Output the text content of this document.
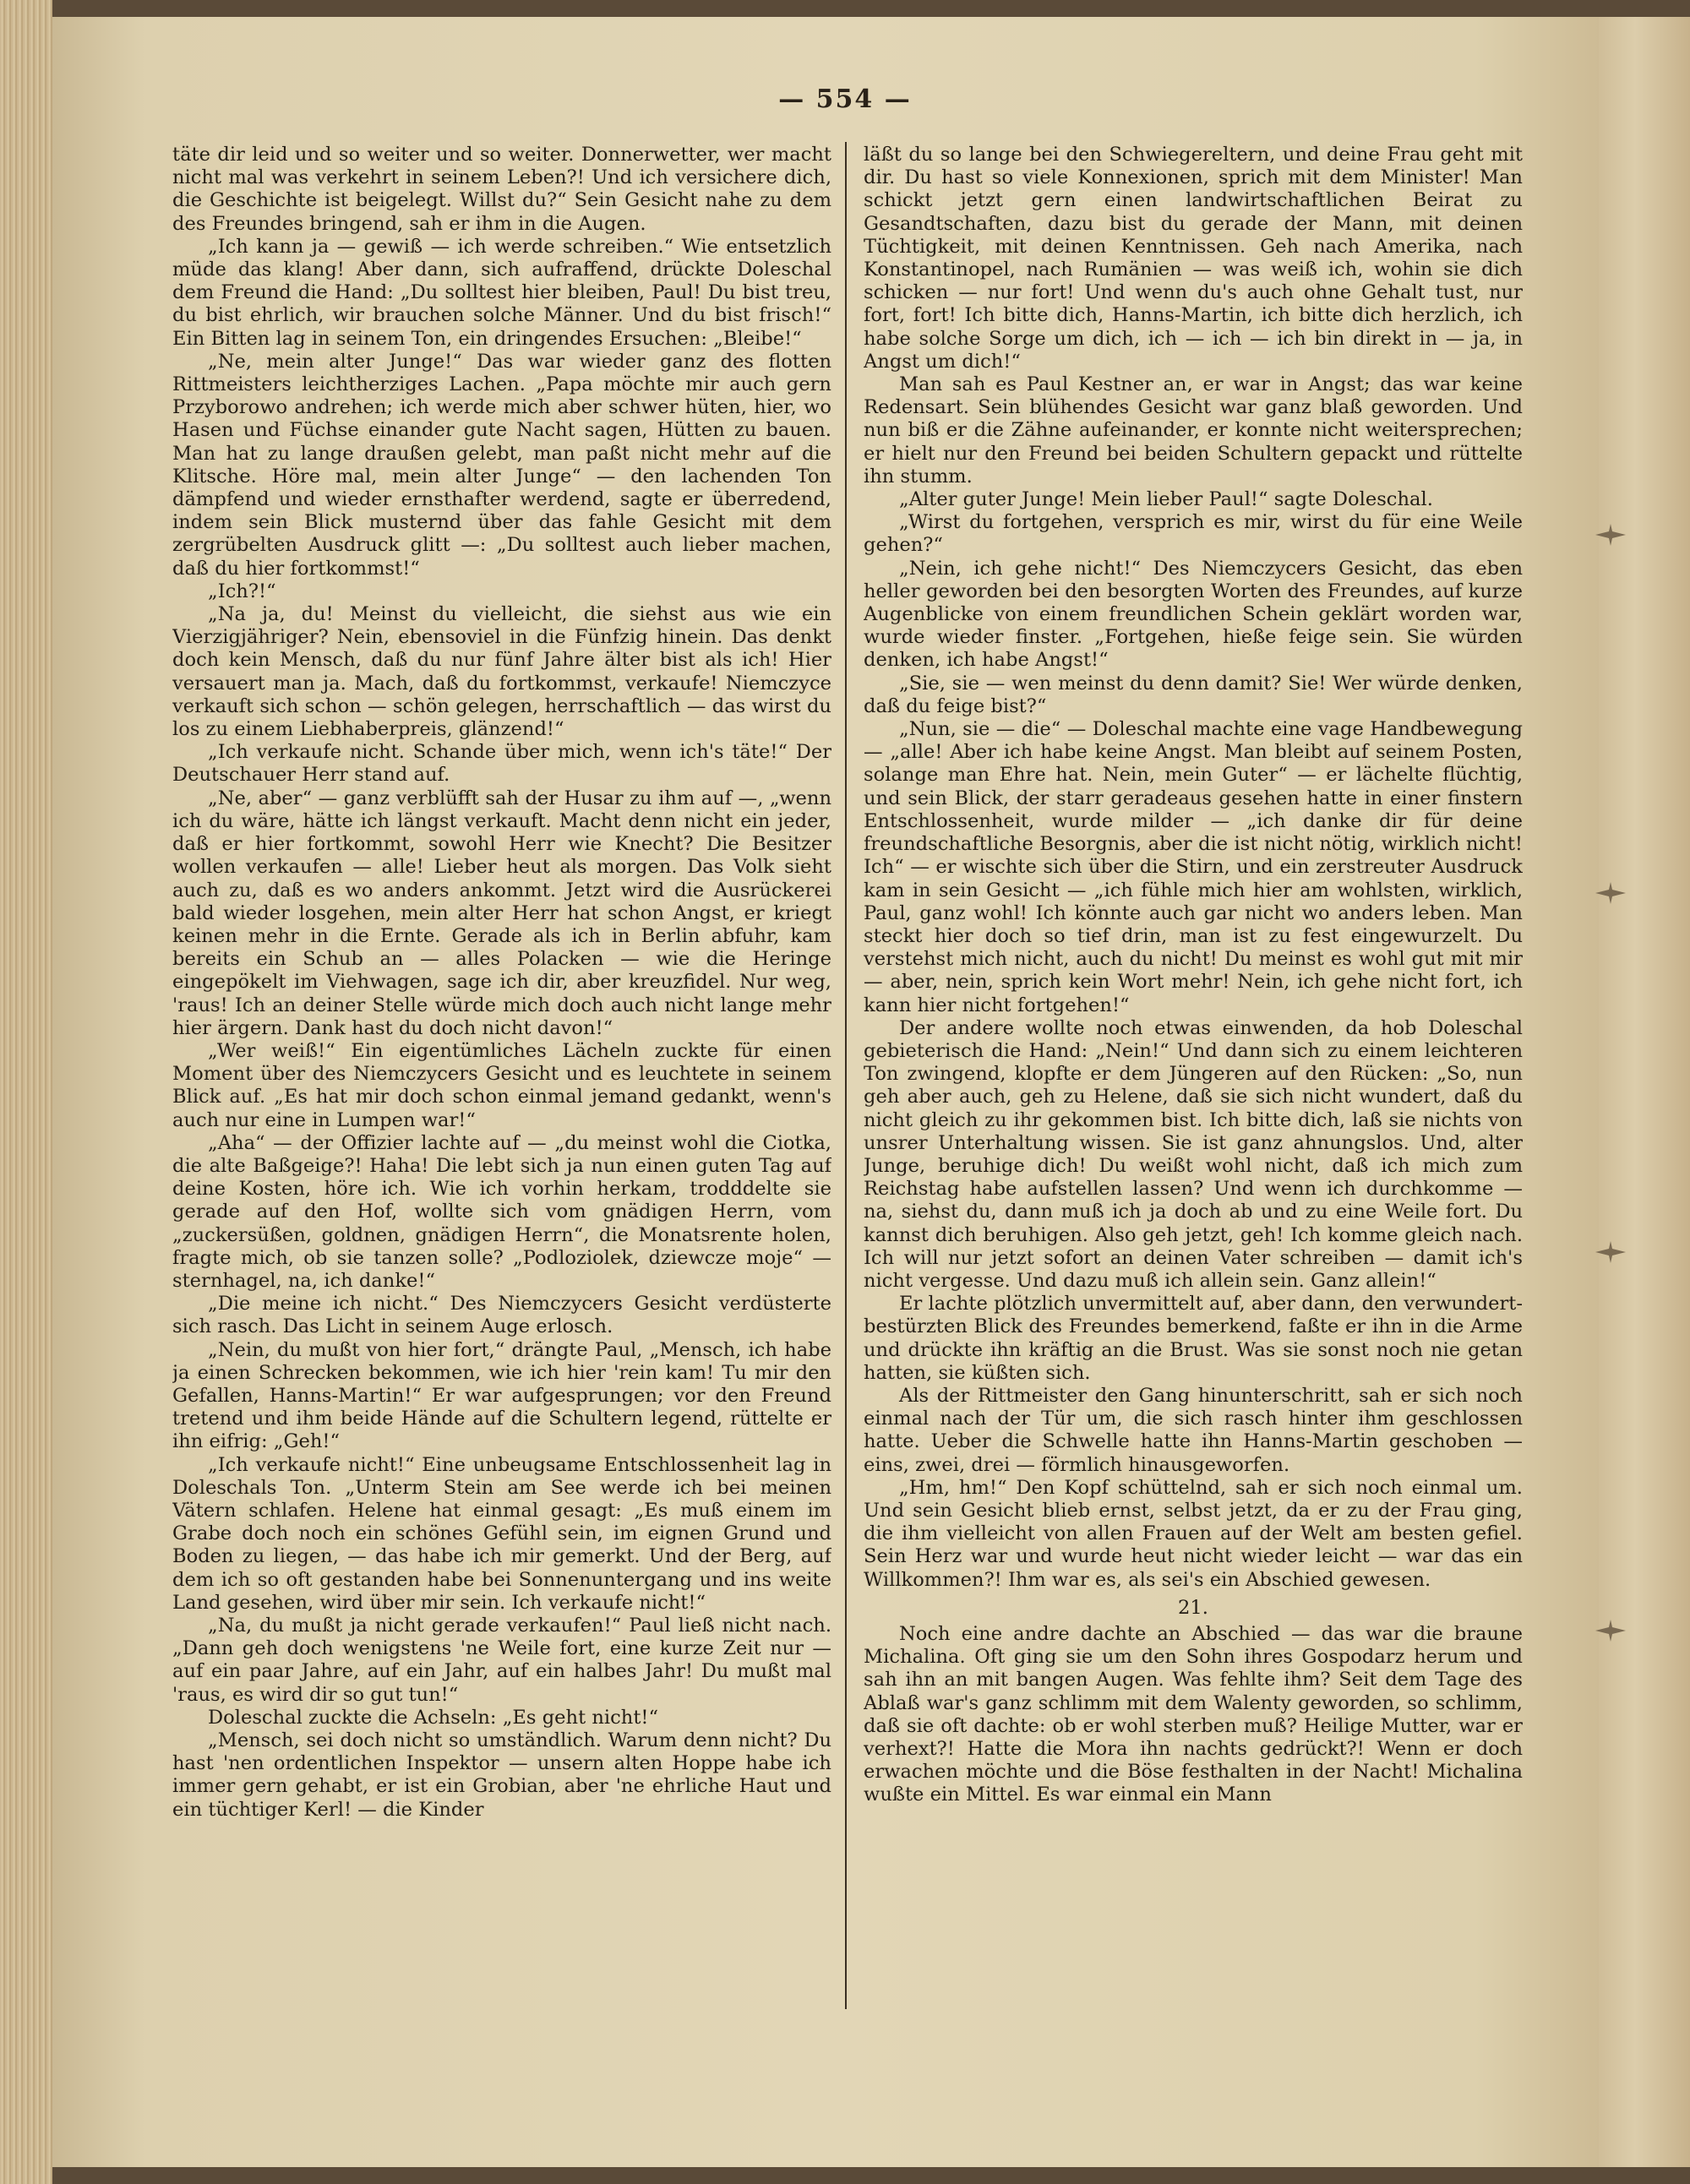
— 554 —

täte dir leid und so weiter und so weiter. Donnerwetter, wer macht nicht mal was verkehrt in seinem Leben?! Und ich versichere dich, die Geschichte ist beigelegt. Willst du?“ Sein Gesicht nahe zu dem des Freundes bringend, sah er ihm in die Augen.

„Ich kann ja — gewiß — ich werde schreiben.“ Wie entsetzlich müde das klang! Aber dann, sich aufraffend, drückte Doleschal dem Freund die Hand: „Du solltest hier bleiben, Paul! Du bist treu, du bist ehrlich, wir brauchen solche Männer. Und du bist frisch!“ Ein Bitten lag in seinem Ton, ein dringendes Ersuchen: „Bleibe!“

„Ne, mein alter Junge!“ Das war wieder ganz des flotten Rittmeisters leichtherziges Lachen. „Papa möchte mir auch gern Przyborowo andrehen; ich werde mich aber schwer hüten, hier, wo Hasen und Füchse einander gute Nacht sagen, Hütten zu bauen. Man hat zu lange draußen gelebt, man paßt nicht mehr auf die Klitsche. Höre mal, mein alter Junge“ — den lachenden Ton dämpfend und wieder ernsthafter werdend, sagte er überredend, indem sein Blick musternd über das fahle Gesicht mit dem zergrübelten Ausdruck glitt —: „Du solltest auch lieber machen, daß du hier fortkommst!“

„Ich?!“

„Na ja, du! Meinst du vielleicht, die siehst aus wie ein Vierzigjähriger? Nein, ebensoviel in die Fünfzig hinein. Das denkt doch kein Mensch, daß du nur fünf Jahre älter bist als ich! Hier versauert man ja. Mach, daß du fortkommst, verkaufe! Niemczyce verkauft sich schon — schön gelegen, herrschaftlich — das wirst du los zu einem Liebhaberpreis, glänzend!“

„Ich verkaufe nicht. Schande über mich, wenn ich's täte!“ Der Deutschauer Herr stand auf.

„Ne, aber“ — ganz verblüfft sah der Husar zu ihm auf —, „wenn ich du wäre, hätte ich längst verkauft. Macht denn nicht ein jeder, daß er hier fortkommt, sowohl Herr wie Knecht? Die Besitzer wollen verkaufen — alle! Lieber heut als morgen. Das Volk sieht auch zu, daß es wo anders ankommt. Jetzt wird die Ausrückerei bald wieder losgehen, mein alter Herr hat schon Angst, er kriegt keinen mehr in die Ernte. Gerade als ich in Berlin abfuhr, kam bereits ein Schub an — alles Polacken — wie die Heringe eingepökelt im Viehwagen, sage ich dir, aber kreuzfidel. Nur weg, 'raus! Ich an deiner Stelle würde mich doch auch nicht lange mehr hier ärgern. Dank hast du doch nicht davon!“

„Wer weiß!“ Ein eigentümliches Lächeln zuckte für einen Moment über des Niemczycers Gesicht und es leuchtete in seinem Blick auf. „Es hat mir doch schon einmal jemand gedankt, wenn's auch nur eine in Lumpen war!“

„Aha“ — der Offizier lachte auf — „du meinst wohl die Ciotka, die alte Baßgeige?! Haha! Die lebt sich ja nun einen guten Tag auf deine Kosten, höre ich. Wie ich vorhin herkam, trodddelte sie gerade auf den Hof, wollte sich vom gnädigen Herrn, vom „zuckersüßen, goldnen, gnädigen Herrn“, die Monatsrente holen, fragte mich, ob sie tanzen solle? „Podloziolek, dziewcze moje“ — sternhagel, na, ich danke!“

„Die meine ich nicht.“ Des Niemczycers Gesicht verdüsterte sich rasch. Das Licht in seinem Auge erlosch.

„Nein, du mußt von hier fort,“ drängte Paul, „Mensch, ich habe ja einen Schrecken bekommen, wie ich hier 'rein kam! Tu mir den Gefallen, Hanns-Martin!“ Er war aufgesprungen; vor den Freund tretend und ihm beide Hände auf die Schultern legend, rüttelte er ihn eifrig: „Geh!“

„Ich verkaufe nicht!“ Eine unbeugsame Entschlossenheit lag in Doleschals Ton. „Unterm Stein am See werde ich bei meinen Vätern schlafen. Helene hat einmal gesagt: „Es muß einem im Grabe doch noch ein schönes Gefühl sein, im eignen Grund und Boden zu liegen, — das habe ich mir gemerkt. Und der Berg, auf dem ich so oft gestanden habe bei Sonnenuntergang und ins weite Land gesehen, wird über mir sein. Ich verkaufe nicht!“

„Na, du mußt ja nicht gerade verkaufen!“ Paul ließ nicht nach. „Dann geh doch wenigstens 'ne Weile fort, eine kurze Zeit nur — auf ein paar Jahre, auf ein Jahr, auf ein halbes Jahr! Du mußt mal 'raus, es wird dir so gut tun!“

Doleschal zuckte die Achseln: „Es geht nicht!“

„Mensch, sei doch nicht so umständlich. Warum denn nicht? Du hast 'nen ordentlichen Inspektor — unsern alten Hoppe habe ich immer gern gehabt, er ist ein Grobian, aber 'ne ehrliche Haut und ein tüchtiger Kerl! — die Kinder

läßt du so lange bei den Schwiegereltern, und deine Frau geht mit dir. Du hast so viele Konnexionen, sprich mit dem Minister! Man schickt jetzt gern einen landwirtschaftlichen Beirat zu Gesandtschaften, dazu bist du gerade der Mann, mit deinen Tüchtigkeit, mit deinen Kenntnissen. Geh nach Amerika, nach Konstantinopel, nach Rumänien — was weiß ich, wohin sie dich schicken — nur fort! Und wenn du's auch ohne Gehalt tust, nur fort, fort! Ich bitte dich, Hanns-Martin, ich bitte dich herzlich, ich habe solche Sorge um dich, ich — ich — ich bin direkt in — ja, in Angst um dich!“

Man sah es Paul Kestner an, er war in Angst; das war keine Redensart. Sein blühendes Gesicht war ganz blaß geworden. Und nun biß er die Zähne aufeinander, er konnte nicht weitersprechen; er hielt nur den Freund bei beiden Schultern gepackt und rüttelte ihn stumm.

„Alter guter Junge! Mein lieber Paul!“ sagte Doleschal.

„Wirst du fortgehen, versprich es mir, wirst du für eine Weile gehen?“

„Nein, ich gehe nicht!“ Des Niemczycers Gesicht, das eben heller geworden bei den besorgten Worten des Freundes, auf kurze Augenblicke von einem freundlichen Schein geklärt worden war, wurde wieder finster. „Fortgehen, hieße feige sein. Sie würden denken, ich habe Angst!“

„Sie, sie — wen meinst du denn damit? Sie! Wer würde denken, daß du feige bist?“

„Nun, sie — die“ — Doleschal machte eine vage Handbewegung — „alle! Aber ich habe keine Angst. Man bleibt auf seinem Posten, solange man Ehre hat. Nein, mein Guter“ — er lächelte flüchtig, und sein Blick, der starr geradeaus gesehen hatte in einer finstern Entschlossenheit, wurde milder — „ich danke dir für deine freundschaftliche Besorgnis, aber die ist nicht nötig, wirklich nicht! Ich“ — er wischte sich über die Stirn, und ein zerstreuter Ausdruck kam in sein Gesicht — „ich fühle mich hier am wohlsten, wirklich, Paul, ganz wohl! Ich könnte auch gar nicht wo anders leben. Man steckt hier doch so tief drin, man ist zu fest eingewurzelt. Du verstehst mich nicht, auch du nicht! Du meinst es wohl gut mit mir — aber, nein, sprich kein Wort mehr! Nein, ich gehe nicht fort, ich kann hier nicht fortgehen!“

Der andere wollte noch etwas einwenden, da hob Doleschal gebieterisch die Hand: „Nein!“ Und dann sich zu einem leichteren Ton zwingend, klopfte er dem Jüngeren auf den Rücken: „So, nun geh aber auch, geh zu Helene, daß sie sich nicht wundert, daß du nicht gleich zu ihr gekommen bist. Ich bitte dich, laß sie nichts von unsrer Unterhaltung wissen. Sie ist ganz ahnungslos. Und, alter Junge, beruhige dich! Du weißt wohl nicht, daß ich mich zum Reichstag habe aufstellen lassen? Und wenn ich durchkomme — na, siehst du, dann muß ich ja doch ab und zu eine Weile fort. Du kannst dich beruhigen. Also geh jetzt, geh! Ich komme gleich nach. Ich will nur jetzt sofort an deinen Vater schreiben — damit ich's nicht vergesse. Und dazu muß ich allein sein. Ganz allein!“

Er lachte plötzlich unvermittelt auf, aber dann, den verwundert-bestürzten Blick des Freundes bemerkend, faßte er ihn in die Arme und drückte ihn kräftig an die Brust. Was sie sonst noch nie getan hatten, sie küßten sich.

Als der Rittmeister den Gang hinunterschritt, sah er sich noch einmal nach der Tür um, die sich rasch hinter ihm geschlossen hatte. Ueber die Schwelle hatte ihn Hanns-Martin geschoben — eins, zwei, drei — förmlich hinausgeworfen.

„Hm, hm!“ Den Kopf schüttelnd, sah er sich noch einmal um. Und sein Gesicht blieb ernst, selbst jetzt, da er zu der Frau ging, die ihm vielleicht von allen Frauen auf der Welt am besten gefiel. Sein Herz war und wurde heut nicht wieder leicht — war das ein Willkommen?! Ihm war es, als sei's ein Abschied gewesen.

21.

Noch eine andre dachte an Abschied — das war die braune Michalina. Oft ging sie um den Sohn ihres Gospodarz herum und sah ihn an mit bangen Augen. Was fehlte ihm? Seit dem Tage des Ablaß war's ganz schlimm mit dem Walenty geworden, so schlimm, daß sie oft dachte: ob er wohl sterben muß? Heilige Mutter, war er verhext?! Hatte die Mora ihn nachts gedrückt?! Wenn er doch erwachen möchte und die Böse festhalten in der Nacht! Michalina wußte ein Mittel. Es war einmal ein Mann
